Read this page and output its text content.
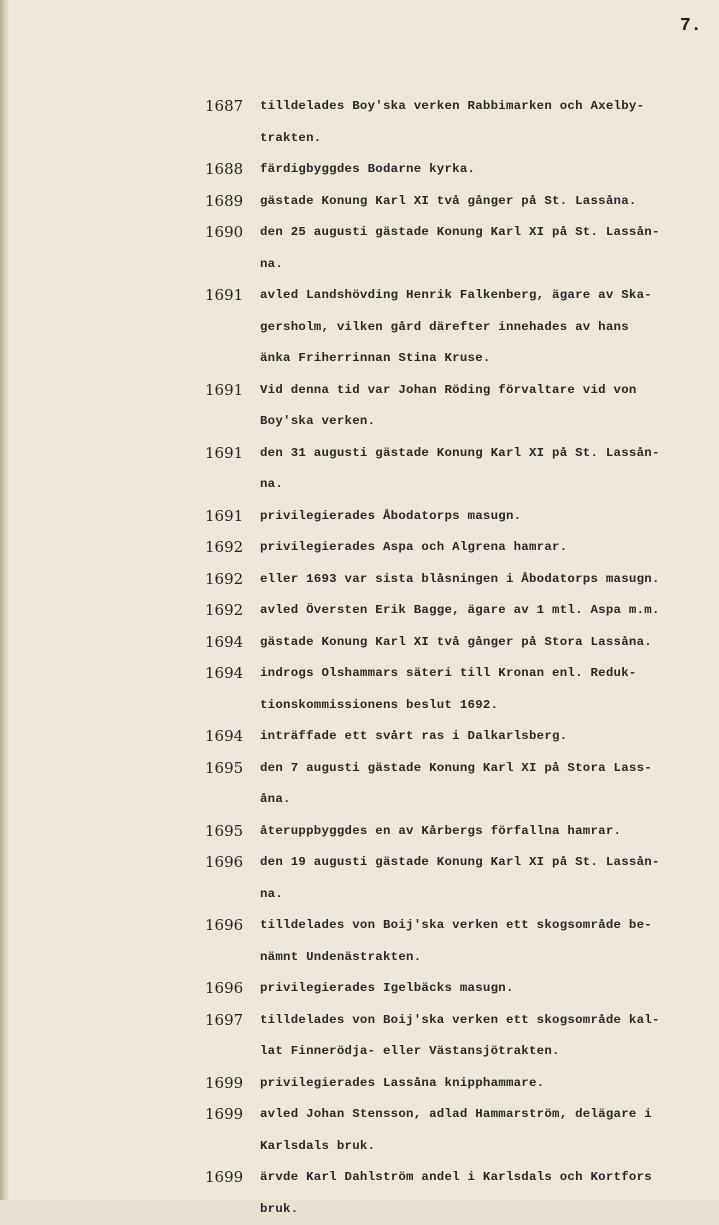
7.
1687	tilldelades Boy'ska verken Rabbimarken och Axelby-
trakten.
1688	färdigbyggdes Bodarne kyrka.
1689	gästade Konung Karl XI två gånger på St. Lassåna.
1690	den 25 augusti gästade Konung Karl XI på St. Lassån-
na.
1691	avled Landshövding Henrik Falkenberg, ägare av Ska-
gersholm, vilken gård därefter innehades av hans
änka Friherrinnan Stina Kruse.
1691	Vid denna tid var Johan Röding förvaltare vid von
Boy'ska verken.
1691	den 31 augusti gästade Konung Karl XI på St. Lassån-
na.
1691	privilegierades Åbodatorps masugn.
1692	privilegierades Aspa och Algrena hamrar.
1692	eller 1693 var sista blåsningen i Åbodatorps masugn.
1692	avled Översten Erik Bagge, ägare av 1 mtl. Aspa m.m.
1694	gästade Konung Karl XI två gånger på Stora Lassåna.
1694	indrogs Olshammars säteri till Kronan enl. Reduk-
tionskommissionens beslut 1692.
1694	inträffade ett svårt ras i Dalkarlsberg.
1695	den 7 augusti gästade Konung Karl XI på Stora Lass-
åna.
1695	återuppbyggdes en av Kårbergs förfallna hamrar.
1696	den 19 augusti gästade Konung Karl XI på St. Lassån-
na.
1696	tilldelades von Boij'ska verken ett skogsområde be-
nämnt Undenästrakten.
1696	privilegierades Igelbäcks masugn.
1697	tilldelades von Boij'ska verken ett skogsområde kal-
lat Finnerödja- eller Västansjötrakten.
1699	privilegierades Lassåna knipphammare.
1699	avled Johan Stensson, adlad Hammarström, delägare i
Karlsdals bruk.
1699	ärvde Karl Dahlström andel i Karlsdals och Kortfors
bruk.
